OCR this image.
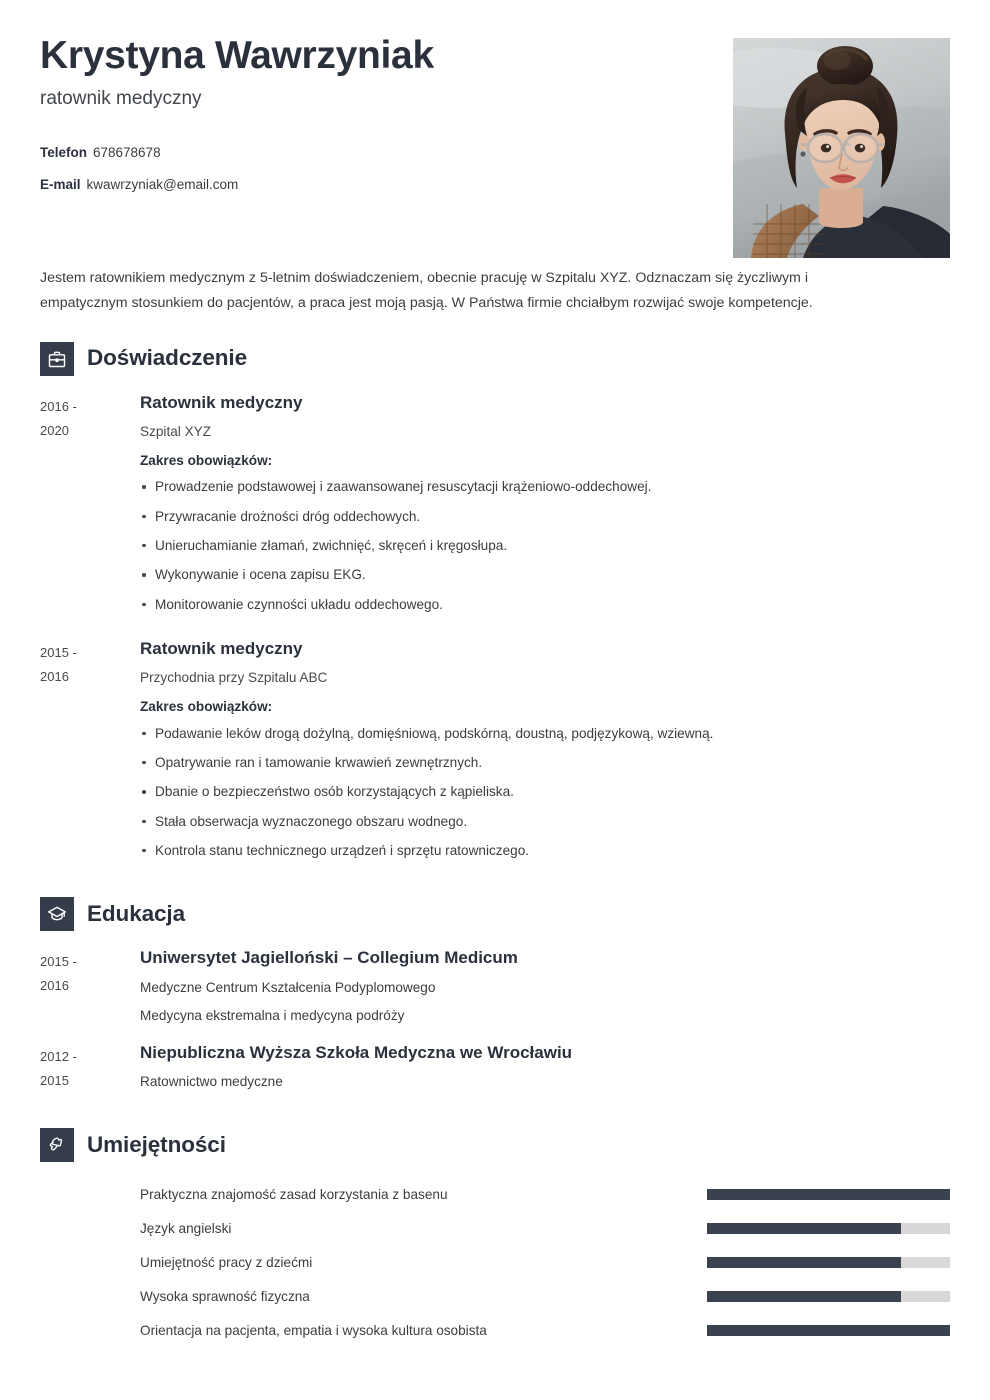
Krystyna Wawrzyniak
ratownik medyczny
Telefon 678678678
E-mail kwawrzyniak@email.com

Jestem ratownikiem medycznym z 5-letnim doświadczeniem, obecnie pracuję w Szpitalu XYZ. Odznaczam się życzliwym i empatycznym stosunkiem do pacjentów, a praca jest moją pasją. W Państwa firmie chciałbym rozwijać swoje kompetencje.

Doświadczenie
2016 -
2020
Ratownik medyczny
Szpital XYZ
Zakres obowiązków:
Prowadzenie podstawowej i zaawansowanej resuscytacji krążeniowo-oddechowej.
Przywracanie drożności dróg oddechowych.
Unieruchamianie złamań, zwichnięć, skręceń i kręgosłupa.
Wykonywanie i ocena zapisu EKG.
Monitorowanie czynności układu oddechowego.
2015 -
2016
Ratownik medyczny
Przychodnia przy Szpitalu ABC
Zakres obowiązków:
Podawanie leków drogą dożylną, domięśniową, podskórną, doustną, podjęzykową, wziewną.
Opatrywanie ran i tamowanie krwawień zewnętrznych.
Dbanie o bezpieczeństwo osób korzystających z kąpieliska.
Stała obserwacja wyznaczonego obszaru wodnego.
Kontrola stanu technicznego urządzeń i sprzętu ratowniczego.
Edukacja
2015 -
2016
Uniwersytet Jagielloński – Collegium Medicum
Medyczne Centrum Kształcenia Podyplomowego
Medycyna ekstremalna i medycyna podróży
2012 -
2015
Niepubliczna Wyższa Szkoła Medyczna we Wrocławiu
Ratownictwo medyczne
Umiejętności
Praktyczna znajomość zasad korzystania z basenu
Język angielski
Umiejętność pracy z dziećmi
Wysoka sprawność fizyczna
Orientacja na pacjenta, empatia i wysoka kultura osobista
